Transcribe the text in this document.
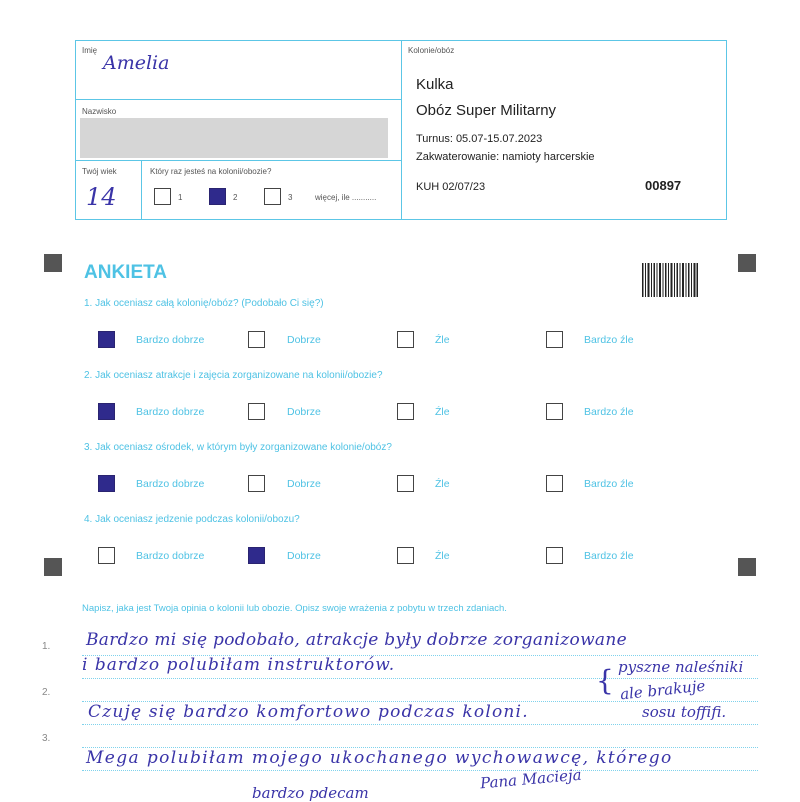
Imię
Amelia
Nazwisko
Twój wiek
14
Który raz jesteś na kolonii/obozie?
1	2	3	więcej, ile ...........
Kolonie/obóz
Kulka
Obóz Super Militarny
Turnus: 05.07-15.07.2023
Zakwaterowanie: namioty harcerskie
KUH 02/07/23	00897
ANKIETA
1. Jak oceniasz całą kolonię/obóz? (Podobało Ci się?)
Bardzo dobrze	Dobrze	Źle	Bardzo źle
2. Jak oceniasz atrakcje i zajęcia zorganizowane na kolonii/obozie?
Bardzo dobrze	Dobrze	Źle	Bardzo źle
3. Jak oceniasz ośrodek, w którym były zorganizowane kolonie/obóz?
Bardzo dobrze	Dobrze	Źle	Bardzo źle
4. Jak oceniasz jedzenie podczas kolonii/obozu?
Bardzo dobrze	Dobrze	Źle	Bardzo źle
Napisz, jaka jest Twoja opinia o kolonii lub obozie. Opisz swoje wrażenia z pobytu w trzech zdaniach.
1.
2.
3.
Bardzo mi się podobało, atrakcje były dobrze zorganizowane
i bardzo polubiłam instruktorów.	pyszne naleśniki
{ ale brakuje
Czuję się bardzo komfortowo podczas koloni.	sosu toffifi.
Mega polubiłam mojego ukochanego wychowawcę, którego
Pana Macieja
bardzo pdecam
